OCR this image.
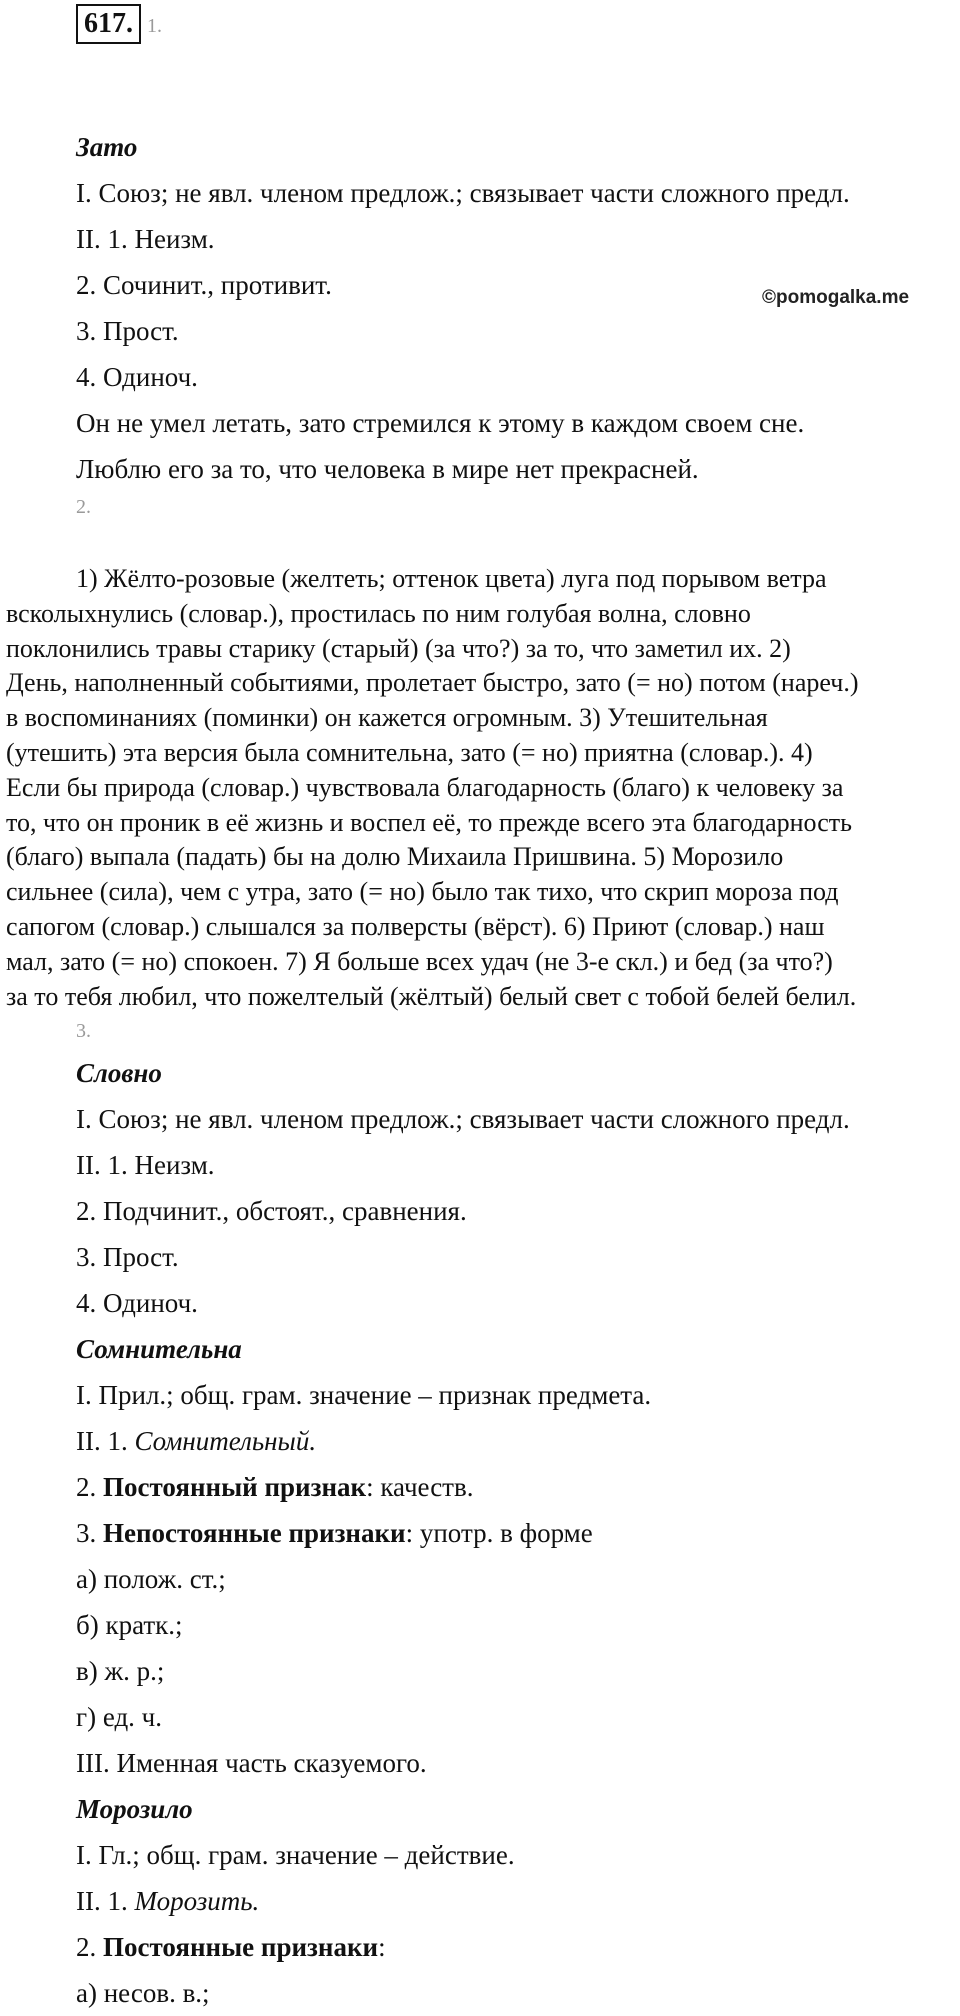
617. 1.
©pomogalka.me

Зато

I. Союз; не явл. членом предлож.; связывает части сложного предл.

II. 1. Неизм.

2. Сочинит., противит.

3. Прост.

4. Одиноч.

Он не умел летать, зато стремился к этому в каждом своем сне.

Люблю его за то, что человека в мире нет прекрасней.

2.

1) Жёлто-розовые (желтеть; оттенок цвета) луга под порывом ветра

всколыхнулись (словар.), простилась по ним голубая волна, словно

поклонились травы старику (старый) (за что?) за то, что заметил их. 2)

День, наполненный событиями, пролетает быстро, зато (= но) потом (нареч.)

в воспоминаниях (поминки) он кажется огромным. 3) Утешительная

(утешить) эта версия была сомнительна, зато (= но) приятна (словар.). 4)

Если бы природа (словар.) чувствовала благодарность (благо) к человеку за

то, что он проник в её жизнь и воспел её, то прежде всего эта благодарность

(благо) выпала (падать) бы на долю Михаила Пришвина. 5) Морозило

сильнее (сила), чем с утра, зато (= но) было так тихо, что скрип мороза под

сапогом (словар.) слышался за полверсты (вёрст). 6) Приют (словар.) наш

мал, зато (= но) спокоен. 7) Я больше всех удач (не 3-е скл.) и бед (за что?)

за то тебя любил, что пожелтелый (жёлтый) белый свет с тобой белей белил.

3.

Словно

I. Союз; не явл. членом предлож.; связывает части сложного предл.

II. 1. Неизм.

2. Подчинит., обстоят., сравнения.

3. Прост.

4. Одиноч.

Сомнительна

I. Прил.; общ. грам. значение – признак предмета.

II. 1. Сомнительный.

2. Постоянный признак: качеств.

3. Непостоянные признаки: употр. в форме

а) полож. ст.;

б) кратк.;

в) ж. р.;

г) ед. ч.

III. Именная часть сказуемого.

Морозило

I. Гл.; общ. грам. значение – действие.

II. 1. Морозить.

2. Постоянные признаки:

а) несов. в.;
